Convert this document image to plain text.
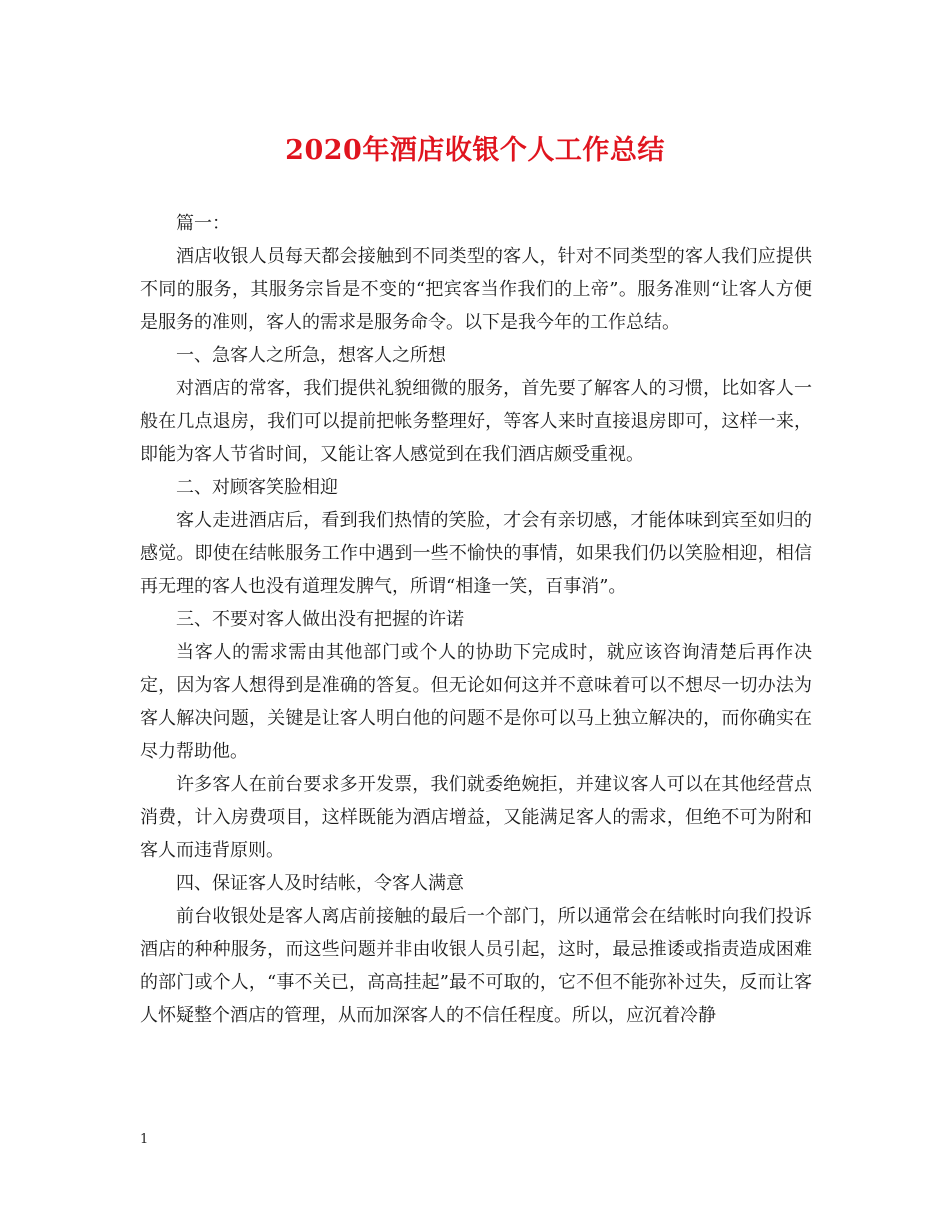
2020年酒店收银个人工作总结

篇一：

酒店收银人员每天都会接触到不同类型的客人，针对不同类型的客人我们应提供不同的服务，其服务宗旨是不变的“把宾客当作我们的上帝”。服务准则“让客人方便是服务的准则，客人的需求是服务命令。以下是我今年的工作总结。

一、急客人之所急，想客人之所想

对酒店的常客，我们提供礼貌细微的服务，首先要了解客人的习惯，比如客人一般在几点退房，我们可以提前把帐务整理好，等客人来时直接退房即可，这样一来，即能为客人节省时间，又能让客人感觉到在我们酒店颇受重视。

二、对顾客笑脸相迎

客人走进酒店后，看到我们热情的笑脸，才会有亲切感，才能体味到宾至如归的感觉。即使在结帐服务工作中遇到一些不愉快的事情，如果我们仍以笑脸相迎，相信再无理的客人也没有道理发脾气，所谓“相逢一笑，百事消”。

三、不要对客人做出没有把握的许诺

当客人的需求需由其他部门或个人的协助下完成时，就应该咨询清楚后再作决定，因为客人想得到是准确的答复。但无论如何这并不意味着可以不想尽一切办法为客人解决问题，关键是让客人明白他的问题不是你可以马上独立解决的，而你确实在尽力帮助他。

许多客人在前台要求多开发票，我们就委绝婉拒，并建议客人可以在其他经营点消费，计入房费项目，这样既能为酒店增益，又能满足客人的需求，但绝不可为附和客人而违背原则。

四、保证客人及时结帐，令客人满意

前台收银处是客人离店前接触的最后一个部门，所以通常会在结帐时向我们投诉酒店的种种服务，而这些问题并非由收银人员引起，这时，最忌推诿或指责造成困难的部门或个人，“事不关已，高高挂起”最不可取的，它不但不能弥补过失，反而让客人怀疑整个酒店的管理，从而加深客人的不信任程度。所以，应沉着冷静

1
